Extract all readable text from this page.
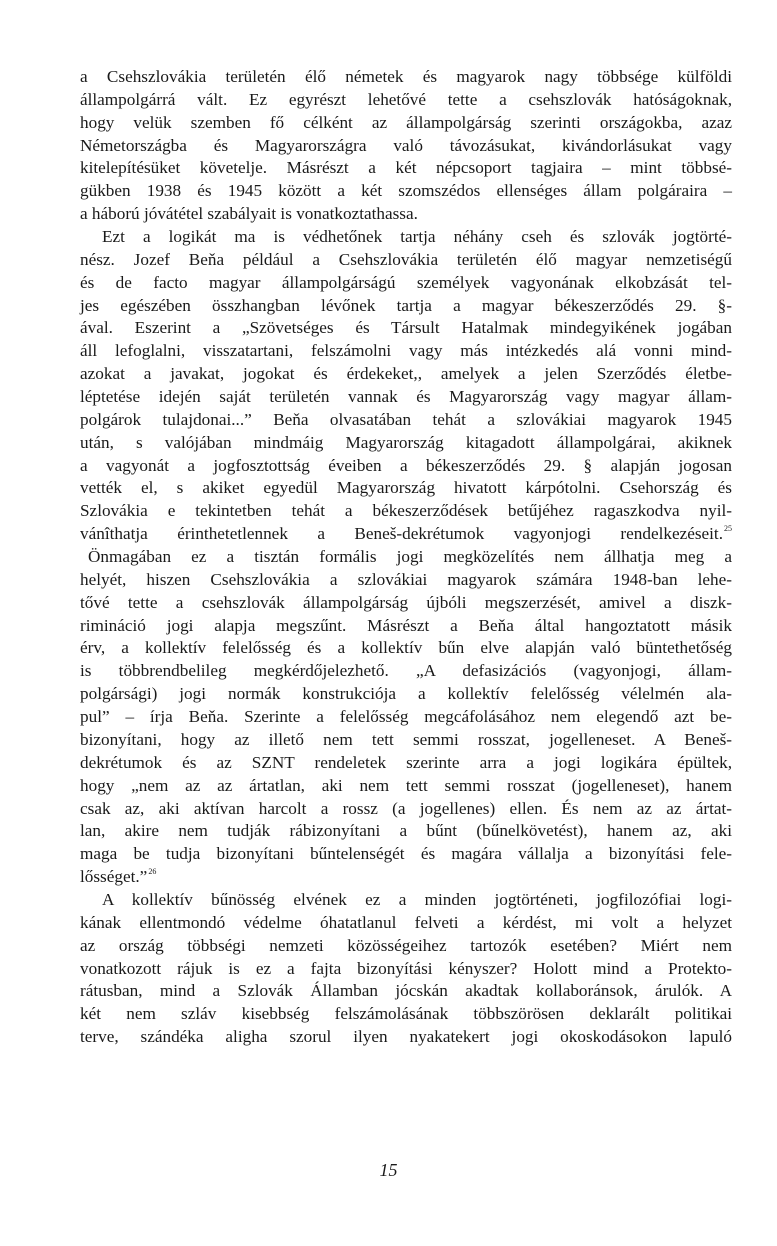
a Csehszlovákia területén élő németek és magyarok nagy többsége külföldi
állampolgárrá vált. Ez egyrészt lehetővé tette a csehszlovák hatóságoknak,
hogy velük szemben fő célként az állampolgárság szerinti országokba, azaz
Németországba és Magyarországra való távozásukat, kivándorlásukat vagy
kitelepítésüket követelje. Másrészt a két népcsoport tagjaira – mint többsé-
gükben 1938 és 1945 között a két szomszédos ellenséges állam polgáraira –
a háború jóvátétel szabályait is vonatkoztathassa.
Ezt a logikát ma is védhetőnek tartja néhány cseh és szlovák jogtörté-
nész. Jozef Beňa például a Csehszlovákia területén élő magyar nemzetiségű
és de facto magyar állampolgárságú személyek vagyonának elkobzását tel-
jes egészében összhangban lévőnek tartja a magyar békeszerződés 29. §-
ával. Eszerint a „Szövetséges és Társult Hatalmak mindegyikének jogában
áll lefoglalni, visszatartani, felszámolni vagy más intézkedés alá vonni mind-
azokat a javakat, jogokat és érdekeket,, amelyek a jelen Szerződés életbe-
léptetése idején saját területén vannak és Magyarország vagy magyar állam-
polgárok tulajdonai...” Beňa olvasatában tehát a szlovákiai magyarok 1945
után, s valójában mindmáig Magyarország kitagadott állampolgárai, akiknek
a vagyonát a jogfosztottság éveiben a békeszerződés 29. § alapján jogosan
vették el, s akiket egyedül Magyarország hivatott kárpótolni. Csehország és
Szlovákia e tekintetben tehát a békeszerződések betűjéhez ragaszkodva nyil-
vánîthatja érinthetetlennek a Beneš-dekrétumok vagyonjogi rendelkezéseit.$^{25}$
Önmagában ez a tisztán formális jogi megközelítés nem állhatja meg a
helyét, hiszen Csehszlovákia a szlovákiai magyarok számára 1948-ban lehe-
tővé tette a csehszlovák állampolgárság újbóli megszerzését, amivel a diszk-
rimináció jogi alapja megszűnt. Másrészt a Beňa által hangoztatott másik
érv, a kollektív felelősség és a kollektív bűn elve alapján való büntethetőség
is többrendbelileg megkérdőjelezhető. „A defasizációs (vagyonjogi, állam-
polgársági) jogi normák konstrukciója a kollektív felelősség vélelmén ala-
pul” – írja Beňa. Szerinte a felelősség megcáfolásához nem elegendő azt be-
bizonyítani, hogy az illető nem tett semmi rosszat, jogelleneset. A Beneš-
dekrétumok és az SZNT rendeletek szerinte arra a jogi logikára épültek,
hogy „nem az az ártatlan, aki nem tett semmi rosszat (jogelleneset), hanem
csak az, aki aktívan harcolt a rossz (a jogellenes) ellen. És nem az az ártat-
lan, akire nem tudják rábizonyítani a bűnt (bűnelkövetést), hanem az, aki
maga be tudja bizonyítani bűntelenségét és magára vállalja a bizonyítási fele-
lősséget.”$^{26}$
A kollektív bűnösség elvének ez a minden jogtörténeti, jogfilozófiai logi-
kának ellentmondó védelme óhatatlanul felveti a kérdést, mi volt a helyzet
az ország többségi nemzeti közösségeihez tartozók esetében? Miért nem
vonatkozott rájuk is ez a fajta bizonyítási kényszer? Holott mind a Protekto-
rátusban, mind a Szlovák Államban jócskán akadtak kollaboránsok, árulók. A
két nem szláv kisebbség felszámolásának többszörösen deklarált politikai
terve, szándéka aligha szorul ilyen nyakatekert jogi okoskodásokon lapuló
15
